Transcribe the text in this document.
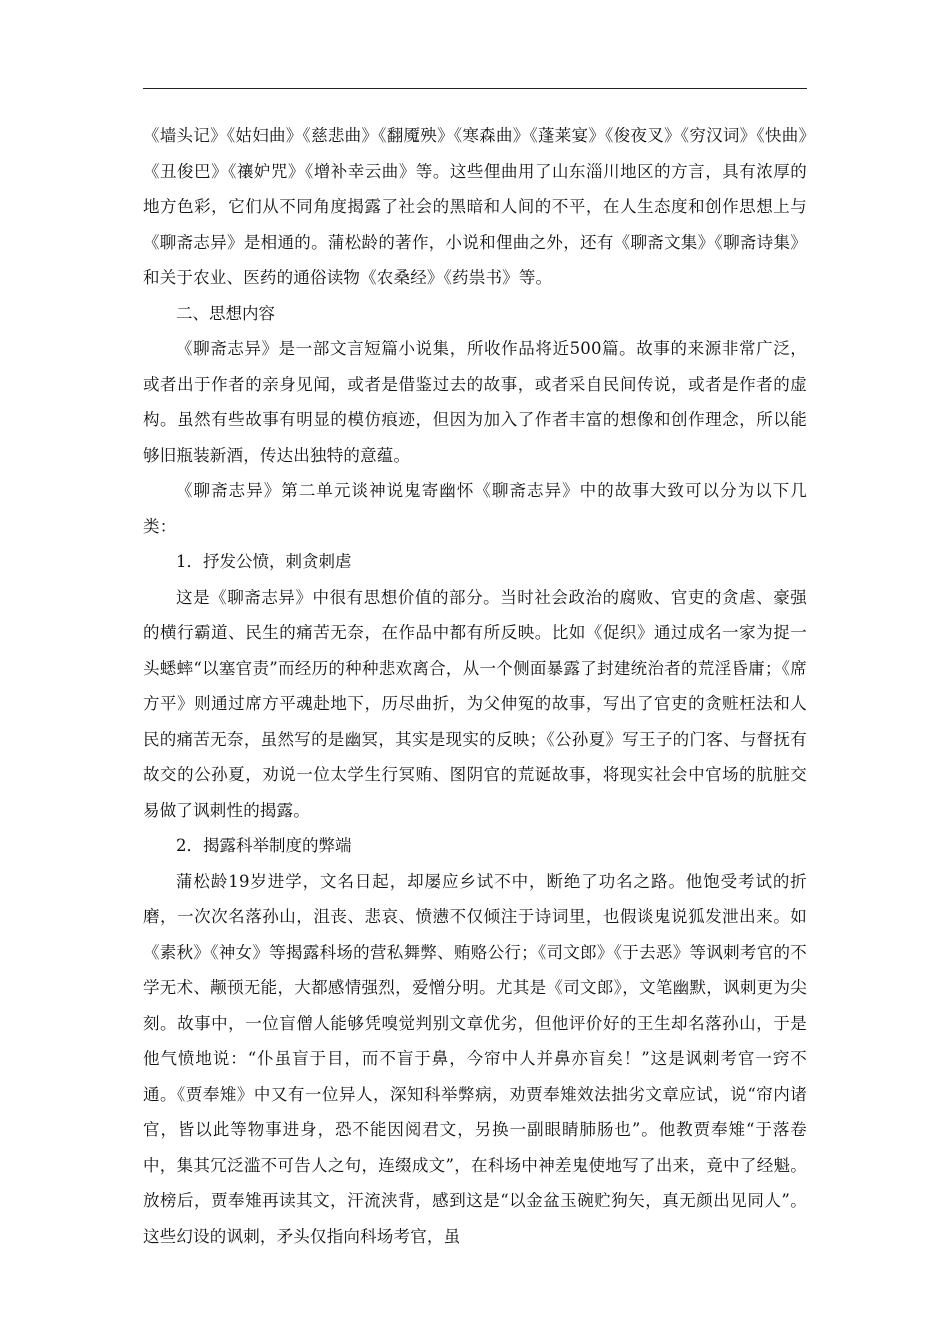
《墙头记》《姑妇曲》《慈悲曲》《翻魇殃》《寒森曲》《蓬莱宴》《俊夜叉》《穷汉词》《快曲》《丑俊巴》《禳妒咒》《增补幸云曲》等。这些俚曲用了山东淄川地区的方言，具有浓厚的地方色彩，它们从不同角度揭露了社会的黑暗和人间的不平，在人生态度和创作思想上与《聊斋志异》是相通的。蒲松龄的著作，小说和俚曲之外，还有《聊斋文集》《聊斋诗集》和关于农业、医药的通俗读物《农桑经》《药祟书》等。

二、思想内容

《聊斋志异》是一部文言短篇小说集，所收作品将近500篇。故事的来源非常广泛，或者出于作者的亲身见闻，或者是借鉴过去的故事，或者采自民间传说，或者是作者的虚构。虽然有些故事有明显的模仿痕迹，但因为加入了作者丰富的想像和创作理念，所以能够旧瓶装新酒，传达出独特的意蕴。

《聊斋志异》第二单元谈神说鬼寄幽怀《聊斋志异》中的故事大致可以分为以下几类：

1．抒发公愤，刺贪刺虐

这是《聊斋志异》中很有思想价值的部分。当时社会政治的腐败、官吏的贪虐、豪强的横行霸道、民生的痛苦无奈，在作品中都有所反映。比如《促织》通过成名一家为捉一头蟋蟀“以塞官责”而经历的种种悲欢离合，从一个侧面暴露了封建统治者的荒淫昏庸；《席方平》则通过席方平魂赴地下，历尽曲折，为父伸冤的故事，写出了官吏的贪赃枉法和人民的痛苦无奈，虽然写的是幽冥，其实是现实的反映；《公孙夏》写王子的门客、与督抚有故交的公孙夏，劝说一位太学生行冥贿、图阴官的荒诞故事，将现实社会中官场的肮脏交易做了讽刺性的揭露。

2．揭露科举制度的弊端

蒲松龄19岁进学，文名日起，却屡应乡试不中，断绝了功名之路。他饱受考试的折磨，一次次名落孙山，沮丧、悲哀、愤懑不仅倾注于诗词里，也假谈鬼说狐发泄出来。如《素秋》《神女》等揭露科场的营私舞弊、贿赂公行；《司文郎》《于去恶》等讽刺考官的不学无术、颟顸无能，大都感情强烈，爱憎分明。尤其是《司文郎》，文笔幽默，讽刺更为尖刻。故事中，一位盲僧人能够凭嗅觉判别文章优劣，但他评价好的王生却名落孙山，于是他气愤地说：“仆虽盲于目，而不盲于鼻，今帘中人并鼻亦盲矣！”这是讽刺考官一窍不通。《贾奉雉》中又有一位异人，深知科举弊病，劝贾奉雉效法拙劣文章应试，说“帘内诸官，皆以此等物事进身，恐不能因阅君文，另换一副眼睛肺肠也”。他教贾奉雉“于落卷中，集其冗泛滥不可告人之句，连缀成文”，在科场中神差鬼使地写了出来，竟中了经魁。放榜后，贾奉雉再读其文，汗流浃背，感到这是“以金盆玉碗贮狗矢，真无颜出见同人”。这些幻设的讽刺，矛头仅指向科场考官，虽
